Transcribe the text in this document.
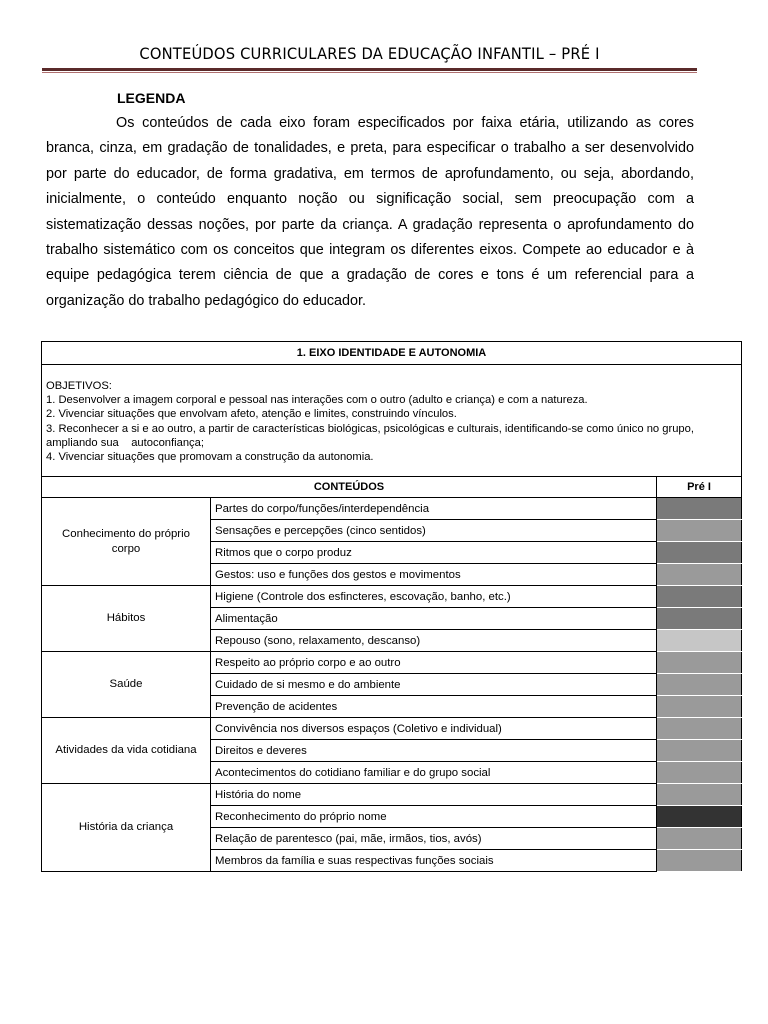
CONTEÚDOS CURRICULARES DA EDUCAÇÃO INFANTIL – PRÉ I
LEGENDA

Os conteúdos de cada eixo foram especificados por faixa etária, utilizando as cores branca, cinza, em gradação de tonalidades, e preta, para especificar o trabalho a ser desenvolvido por parte do educador, de forma gradativa, em termos de aprofundamento, ou seja, abordando, inicialmente, o conteúdo enquanto noção ou significação social, sem preocupação com a sistematização dessas noções, por parte da criança. A gradação representa o aprofundamento do trabalho sistemático com os conceitos que integram os diferentes eixos. Compete ao educador e à equipe pedagógica terem ciência de que a gradação de cores e tons é um referencial para a organização do trabalho pedagógico do educador.

1. EIXO IDENTIDADE E AUTONOMIA		

OBJETIVOS:
1. Desenvolver a imagem corporal e pessoal nas interações com o outro (adulto e criança) e com a natureza.
2. Vivenciar situações que envolvam afeto, atenção e limites, construindo vínculos.
3. Reconhecer a si e ao outro, a partir de características biológicas, psicológicas e culturais, identificando-se como único no grupo, ampliando sua    autoconfiança;
4. Vivenciar situações que promovam a construção da autonomia.		

CONTEÚDOS		Pré I
Conhecimento do próprio corpo	Partes do corpo/funções/interdependência	
	Sensações e percepções (cinco sentidos)	
	Ritmos que o corpo produz	
	Gestos: uso e funções dos gestos e movimentos	
Hábitos	Higiene (Controle dos esfincteres, escovação, banho, etc.)	
	Alimentação	
	Repouso (sono, relaxamento, descanso)	
Saúde	Respeito ao próprio corpo e ao outro	
	Cuidado de si mesmo e do ambiente	
	Prevenção de acidentes	
Atividades da vida cotidiana	Convivência nos diversos espaços (Coletivo e individual)	
	Direitos e deveres	
	Acontecimentos do cotidiano familiar e do grupo social	
História da criança	História do nome	
	Reconhecimento do próprio nome	
	Relação de parentesco (pai, mãe, irmãos, tios, avós)	
	Membros da família e suas respectivas funções sociais	
